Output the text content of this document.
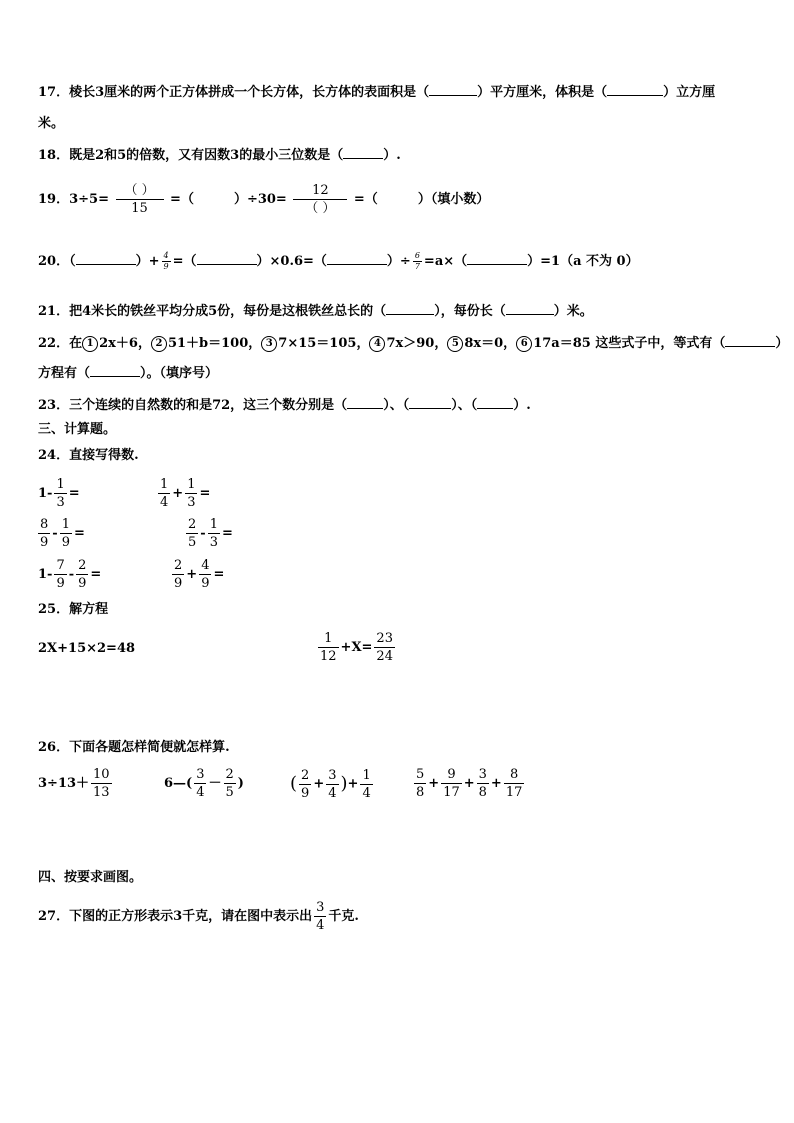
17．棱长3厘米的两个正方体拼成一个长方体，长方体的表面积是（	）平方厘米，体积是（	）立方厘
米。
18．既是2和5的倍数，又有因数3的最小三位数是（	）.
19．$3\div 5= \frac{( )}{15}$ =（	）$\div 30= \frac{12}{( )}$ =（	）（填小数）
20．（	）+ $\frac{4}{9}$ =（	）×0.6=（	）÷ $\frac{6}{7} =a\times$（	）=1（a 不为 0）
21．把4米长的铁丝平均分成5份，每份是这根铁丝总长的（	），每份长（	）米。
22．在 1 2x＋6， 2 51＋b＝100， 3 7×15＝105， 4 7x＞90， 5 8x＝0， 6 17a＝85 这些式子中，等式有（	）
方程有（	）。（填序号）
23．三个连续的自然数的和是72，这三个数分别是（	）、（	）、（	）.
三、计算题。
24．直接写得数.
$1- \frac{1}{3}$ =	$\frac{1}{4} + \frac{1}{3}$ =
$\frac{8}{9} - \frac{1}{9}$ =	$\frac{2}{5} - \frac{1}{3}$ =
$1- \frac{7}{9} - \frac{2}{9}$ =	$\frac{2}{9} + \frac{4}{9}$ =
25．解方程
2X+15×2=48	$\frac{1}{12} +X= \frac{23}{24}$
26．下面各题怎样简便就怎样算.
$3\div 13+ \frac{10}{13}$	6—( $\frac{3}{4} - \frac{2}{5}$ )	( $\frac{2}{9} + \frac{3}{4}$ )+ $\frac{1}{4}$	$\frac{5}{8} + \frac{9}{17} + \frac{3}{8} + \frac{8}{17}$
四、按要求画图。
27．下图的正方形表示3千克，请在图中表示出 $\frac{3}{4}$ 千克.
